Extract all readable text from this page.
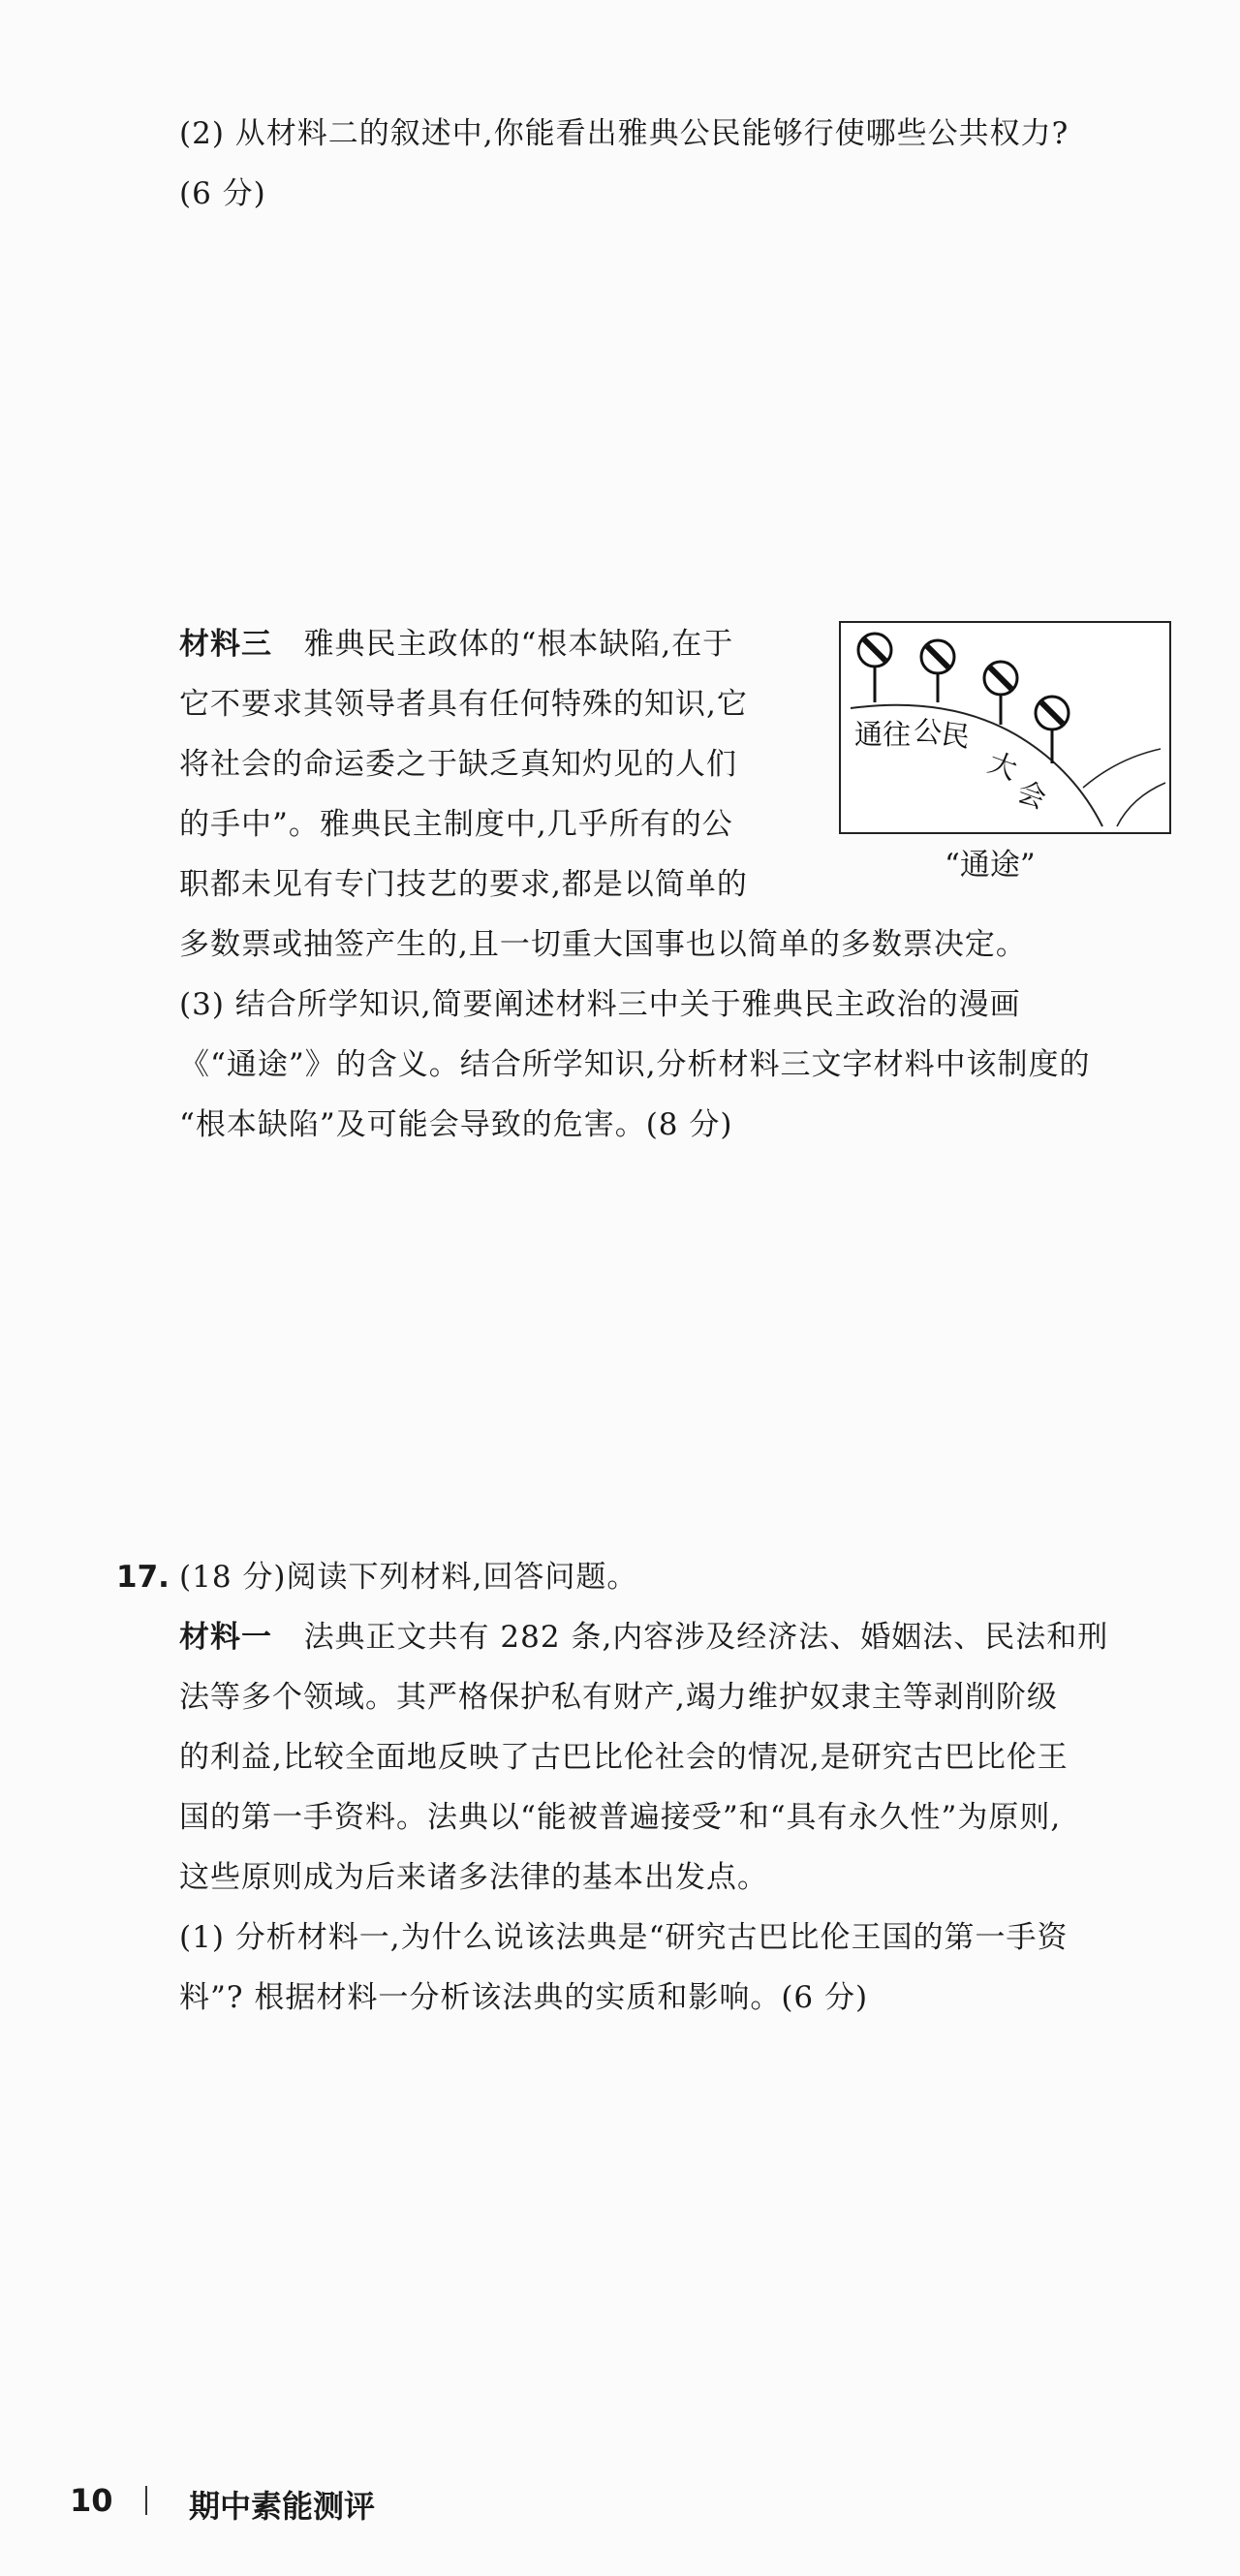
(2) 从材料二的叙述中,你能看出雅典公民能够行使哪些公共权力?
(6 分)
材料三 雅典民主政体的“根本缺陷,在于
它不要求其领导者具有任何特殊的知识,它
将社会的命运委之于缺乏真知灼见的人们
的手中”。雅典民主制度中,几乎所有的公
职都未见有专门技艺的要求,都是以简单的
多数票或抽签产生的,且一切重大国事也以简单的多数票决定。
通往 公民
大
会
“通途”
(3) 结合所学知识,简要阐述材料三中关于雅典民主政治的漫画
《“通途”》的含义。结合所学知识,分析材料三文字材料中该制度的
“根本缺陷”及可能会导致的危害。(8 分)
17. (18 分)阅读下列材料,回答问题。
材料一 法典正文共有 282 条,内容涉及经济法、婚姻法、民法和刑
法等多个领域。其严格保护私有财产,竭力维护奴隶主等剥削阶级
的利益,比较全面地反映了古巴比伦社会的情况,是研究古巴比伦王
国的第一手资料。法典以“能被普遍接受”和“具有永久性”为原则,
这些原则成为后来诸多法律的基本出发点。
(1) 分析材料一,为什么说该法典是“研究古巴比伦王国的第一手资
料”? 根据材料一分析该法典的实质和影响。(6 分)
10 期中素能测评
